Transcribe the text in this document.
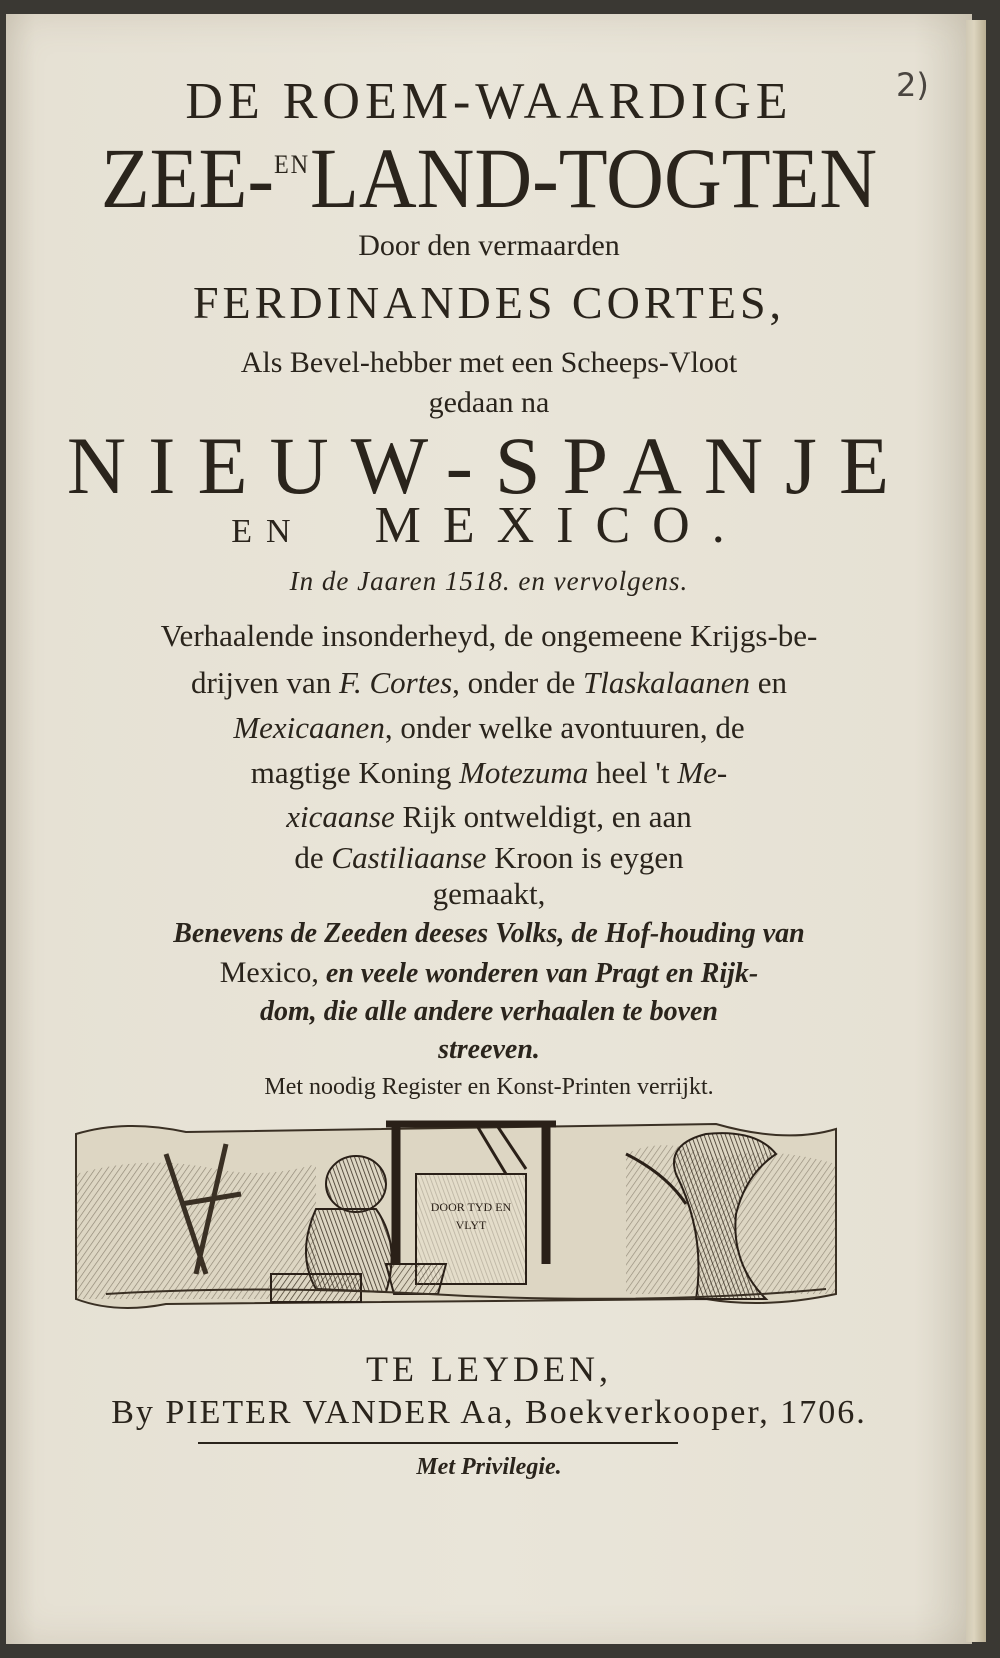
2)
DE ROEM-WAARDIGE
ZEE-$^{EN}$LAND-TOGTEN
Door den vermaarden
FERDINANDES CORTES,
Als Bevel-hebber met een Scheeps-Vloot
gedaan na
NIEUW-SPANJE
EN MEXICO.
In de Jaaren 1518. en vervolgens.
Verhaalende insonderheyd, de ongemeene Krijgs-be-
drijven van F. Cortes, onder de Tlaskalaanen en
Mexicaanen, onder welke avontuuren, de
magtige Koning Motezuma heel 't Me-
xicaanse Rijk ontweldigt, en aan
de Castiliaanse Kroon is eygen
gemaakt,
Benevens de Zeeden deeses Volks, de Hof-houding van
Mexico, en veele wonderen van Pragt en Rijk-
dom, die alle andere verhaalen te boven
streeven.
Met noodig Register en Konst-Printen verrijkt.
DOOR TYD EN
VLYT
TE LEYDEN,
By PIETER VANDER Aa, Boekverkooper, 1706.
Met Privilegie.
